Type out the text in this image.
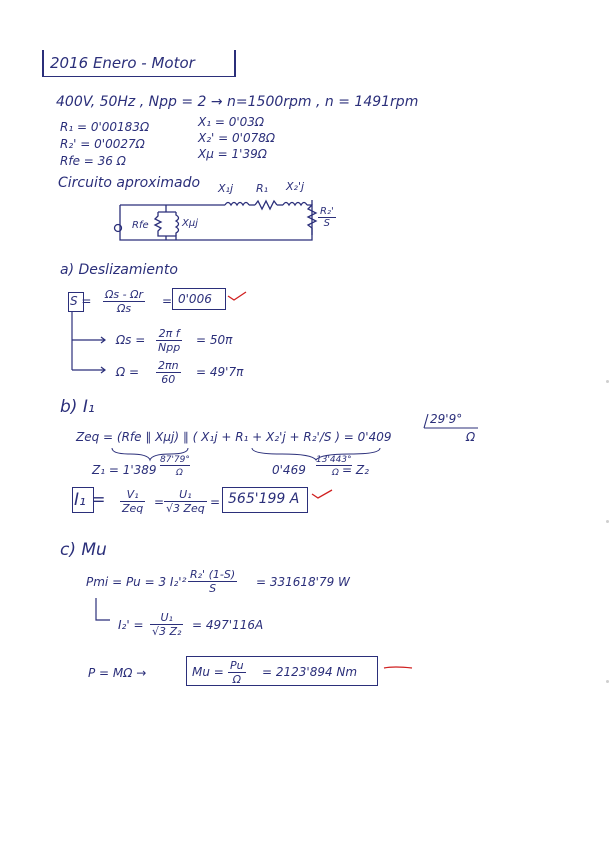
2016 Enero - Motor
400V, 50Hz , Npp = 2 → n=1500rpm , n = 1491rpm
R₁ = 0'00183Ω
R₂' = 0'0027Ω
Rfe = 36 Ω
X₁ = 0'03Ω
X₂' = 0'078Ω
Xμ = 1'39Ω
Circuito aproximado X₁j R₁ X₂'j
$\frac{\text{R₂'}}{S}$
Rfe	Xμj
a) Deslizamiento
$S = \frac{\Omega s - \Omega r}{\Omega s} = 0'006$
Ωs = 2π f
Npp
= 50π
$\Omega = \frac{2\pi n}{60} = 49'7\pi$
b) I₁
Zeq = (Rfe ∥ Xμj) ∥ ( X₁j + R₁ + X₂'j + R₂'/S ) = 0'409
29'9°
Ω
Z₁ = 1'389
87'79°
Ω	0'469
13'443°
Ω = Z₂
I₁ =	V₁
Zeq =
U₁
√3 Zeq = 565'199 A
c) Mu
Pmi = Pu = 3 $I_2'^2 \frac{\text{R₂' (1-S)}}{S} = 331618'79$ W
$I_2' = \frac{\text{U₁}}{\text{√3 Z₂}} = 497'116A$
P = MΩ →	$Mu = \frac{Pu}{\Omega} = 2123'894$ Nm
